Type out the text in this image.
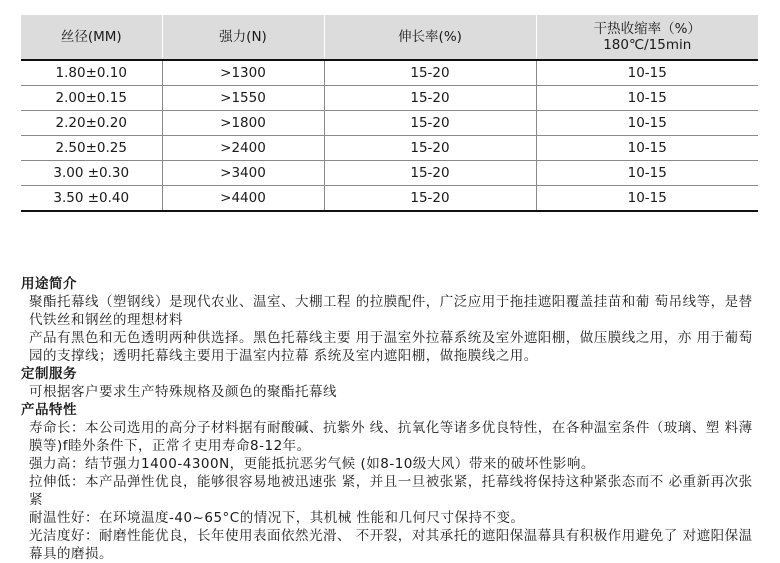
丝径(MM)	强力(N)	伸长率(%)	干热收缩率（%）
180℃/15min

1.80±0.10	>1300	15-20	10-15
2.00±0.15	>1550	15-20	10-15
2.20±0.20	>1800	15-20	10-15
2.50±0.25	>2400	15-20	10-15
3.00 ±0.30	>3400	15-20	10-15
3.50 ±0.40	>4400	15-20	10-15

用途简介

聚酯托幕线（塑钢线）是现代农业、温室、大棚工程 的拉膜配件，广泛应用于拖挂遮阳覆盖挂苗和葡 萄吊线等，是替代铁丝和钢丝的理想材料

产品有黑色和无色透明两种供选择。黑色托幕线主要 用于温室外拉幕系统及室外遮阳棚，做压膜线之用，亦 用于葡萄园的支撑线；透明托幕线主要用于温室内拉幕 系统及室内遮阳棚，做拖膜线之用。

定制服务

可根据客户要求生产特殊规格及颜色的聚酯托幕线

产品特性

寿命长：本公司选用的高分子材料据有耐酸碱、抗紫外 线、抗氧化等诸多优良特性，在各种温室条件（玻璃、塑 料薄膜等)f睦外条件下，正常彳吏用寿命8-12年。

强力高：结节强力1400-4300N，更能抵抗恶劣气候 (如8-10级大风）带来的破坏性影响。

拉伸低：本产品弹性优良，能够很容易地被迅速张 紧，并且一旦被张紧，托幕线将保持这种紧张态而不 必重新再次张紧

耐温性好：在环境温度-40~65°C的情况下，其机械 性能和几何尺寸保持不变。

光洁度好：耐磨性能优良，长年使用表面依然光滑、 不开裂，对其承托的遮阳保温幕具有积极作用避免了 对遮阳保温幕具的磨损。
